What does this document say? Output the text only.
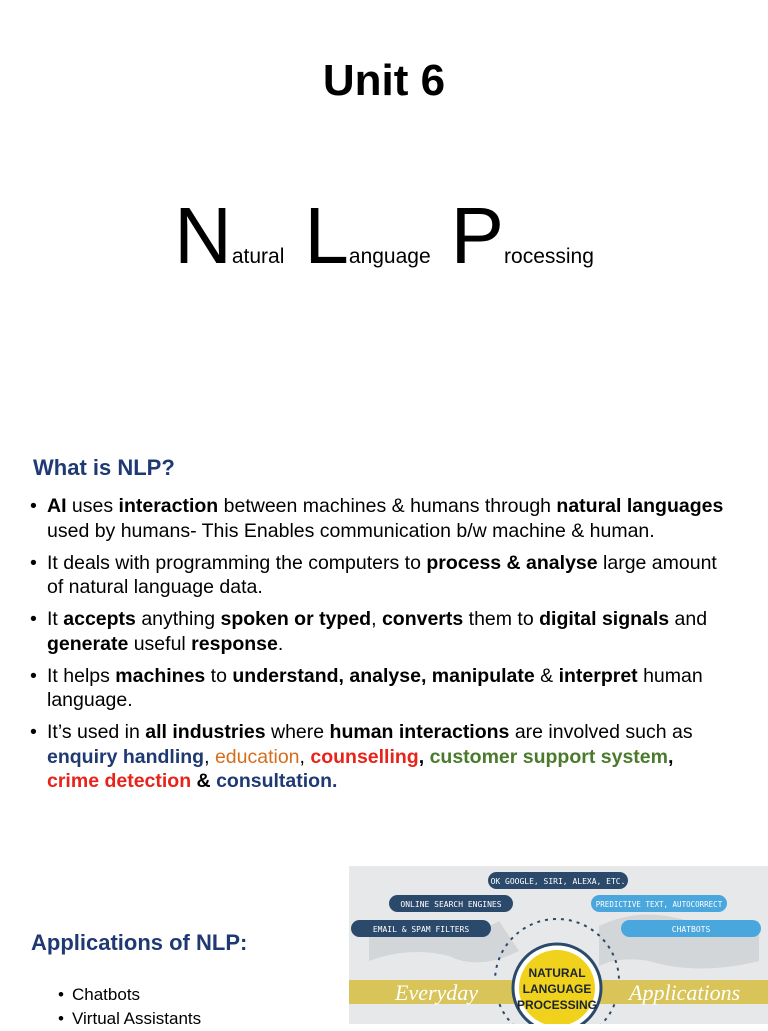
Unit 6
Natural Language Processing
What is NLP?
• AI uses interaction between machines & humans through natural languages used by humans- This Enables communication b/w machine & human.
• It deals with programming the computers to process & analyse large amount of natural language data.
• It accepts anything spoken or typed, converts them to digital signals and generate useful response.
• It helps machines to understand, analyse, manipulate & interpret human language.
• It’s used in all industries where human interactions are involved such as enquiry handling, education, counselling, customer support system,
crime detection & consultation.
Applications of NLP:
• Chatbots
• Virtual Assistants
NATURAL
LANGUAGE
PROCESSING
Everyday	Applications
OK GOOGLE, SIRI, ALEXA, ETC.
ONLINE SEARCH ENGINES
EMAIL & SPAM FILTERS
PREDICTIVE TEXT, AUTOCORRECT
CHATBOTS
